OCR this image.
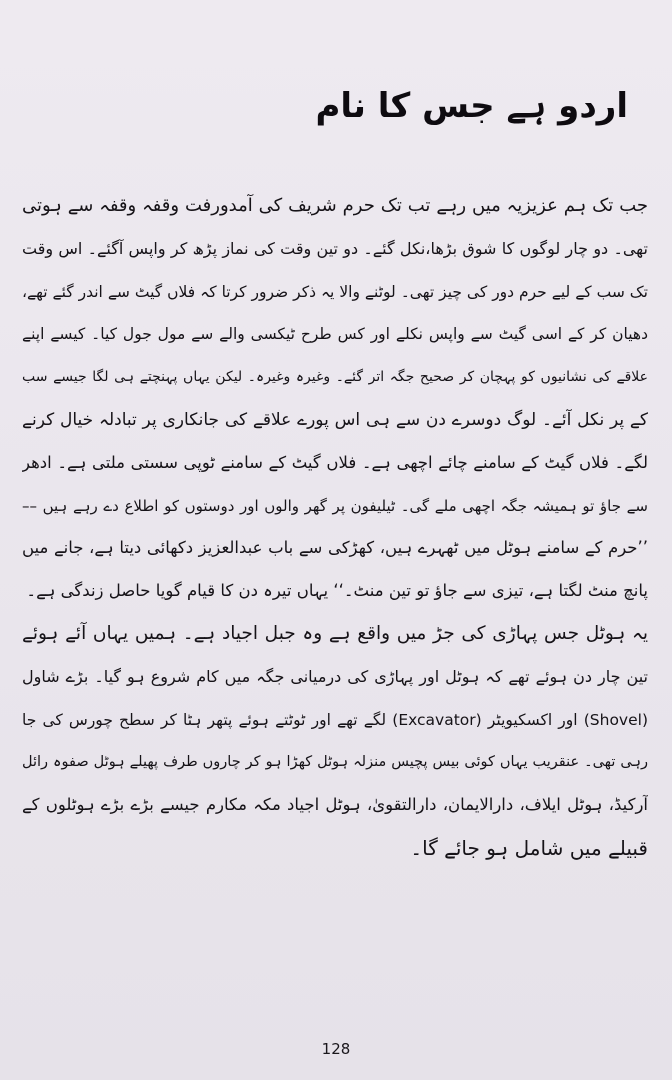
اردو ہے جس کا نام
جب تک ہم عزیزیہ میں رہے تب تک حرم شریف کی آمدورفت وقفہ وقفہ سے ہوتی
تھی۔ دو چار لوگوں کا شوق بڑھا،نکل گئے۔ دو تین وقت کی نماز پڑھ کر واپس آگئے۔ اس وقت
تک سب کے لیے حرم دور کی چیز تھی۔ لوٹنے والا یہ ذکر ضرور کرتا کہ فلاں گیٹ سے اندر گئے تھے،
دھیان کر کے اسی گیٹ سے واپس نکلے اور کس طرح ٹیکسی والے سے مول جول کیا۔ کیسے اپنے
علاقے کی نشانیوں کو پہچان کر صحیح جگہ اتر گئے۔ وغیرہ وغیرہ۔ لیکن یہاں پہنچتے ہی لگا جیسے سب
کے پر نکل آئے۔ لوگ دوسرے دن سے ہی اس پورے علاقے کی جانکاری پر تبادلہ خیال کرنے
لگے۔ فلاں گیٹ کے سامنے چائے اچھی ہے۔ فلاں گیٹ کے سامنے ٹوپی سستی ملتی ہے۔ ادھر
سے جاؤ تو ہمیشہ جگہ اچھی ملے گی۔ ٹیلیفون پر گھر والوں اور دوستوں کو اطلاع دے رہے ہیں ––
’’حرم کے سامنے ہوٹل میں ٹھہرے ہیں، کھڑکی سے باب عبدالعزیز دکھائی دیتا ہے، جانے میں
پانچ منٹ لگتا ہے، تیزی سے جاؤ تو تین منٹ۔‘‘ یہاں تیرہ دن کا قیام گویا حاصل زندگی ہے۔
یہ ہوٹل جس پہاڑی کی جڑ میں واقع ہے وہ جبل اجیاد ہے۔ ہمیں یہاں آئے ہوئے
تین چار دن ہوئے تھے کہ ہوٹل اور پہاڑی کی درمیانی جگہ میں کام شروع ہو گیا۔ بڑے شاول
(Shovel) اور اکسکیویٹر (Excavator) لگے تھے اور ٹوٹتے ہوئے پتھر ہٹا کر سطح چورس کی جا
رہی تھی۔ عنقریب یہاں کوئی بیس پچیس منزلہ ہوٹل کھڑا ہو کر چاروں طرف پھیلے ہوٹل صفوہ رائل
آرکیڈ، ہوٹل ایلاف، دارالایمان، دارالتقویٰ، ہوٹل اجیاد مکہ مکارم جیسے بڑے بڑے ہوٹلوں کے
قبیلے میں شامل ہو جائے گا۔
128
